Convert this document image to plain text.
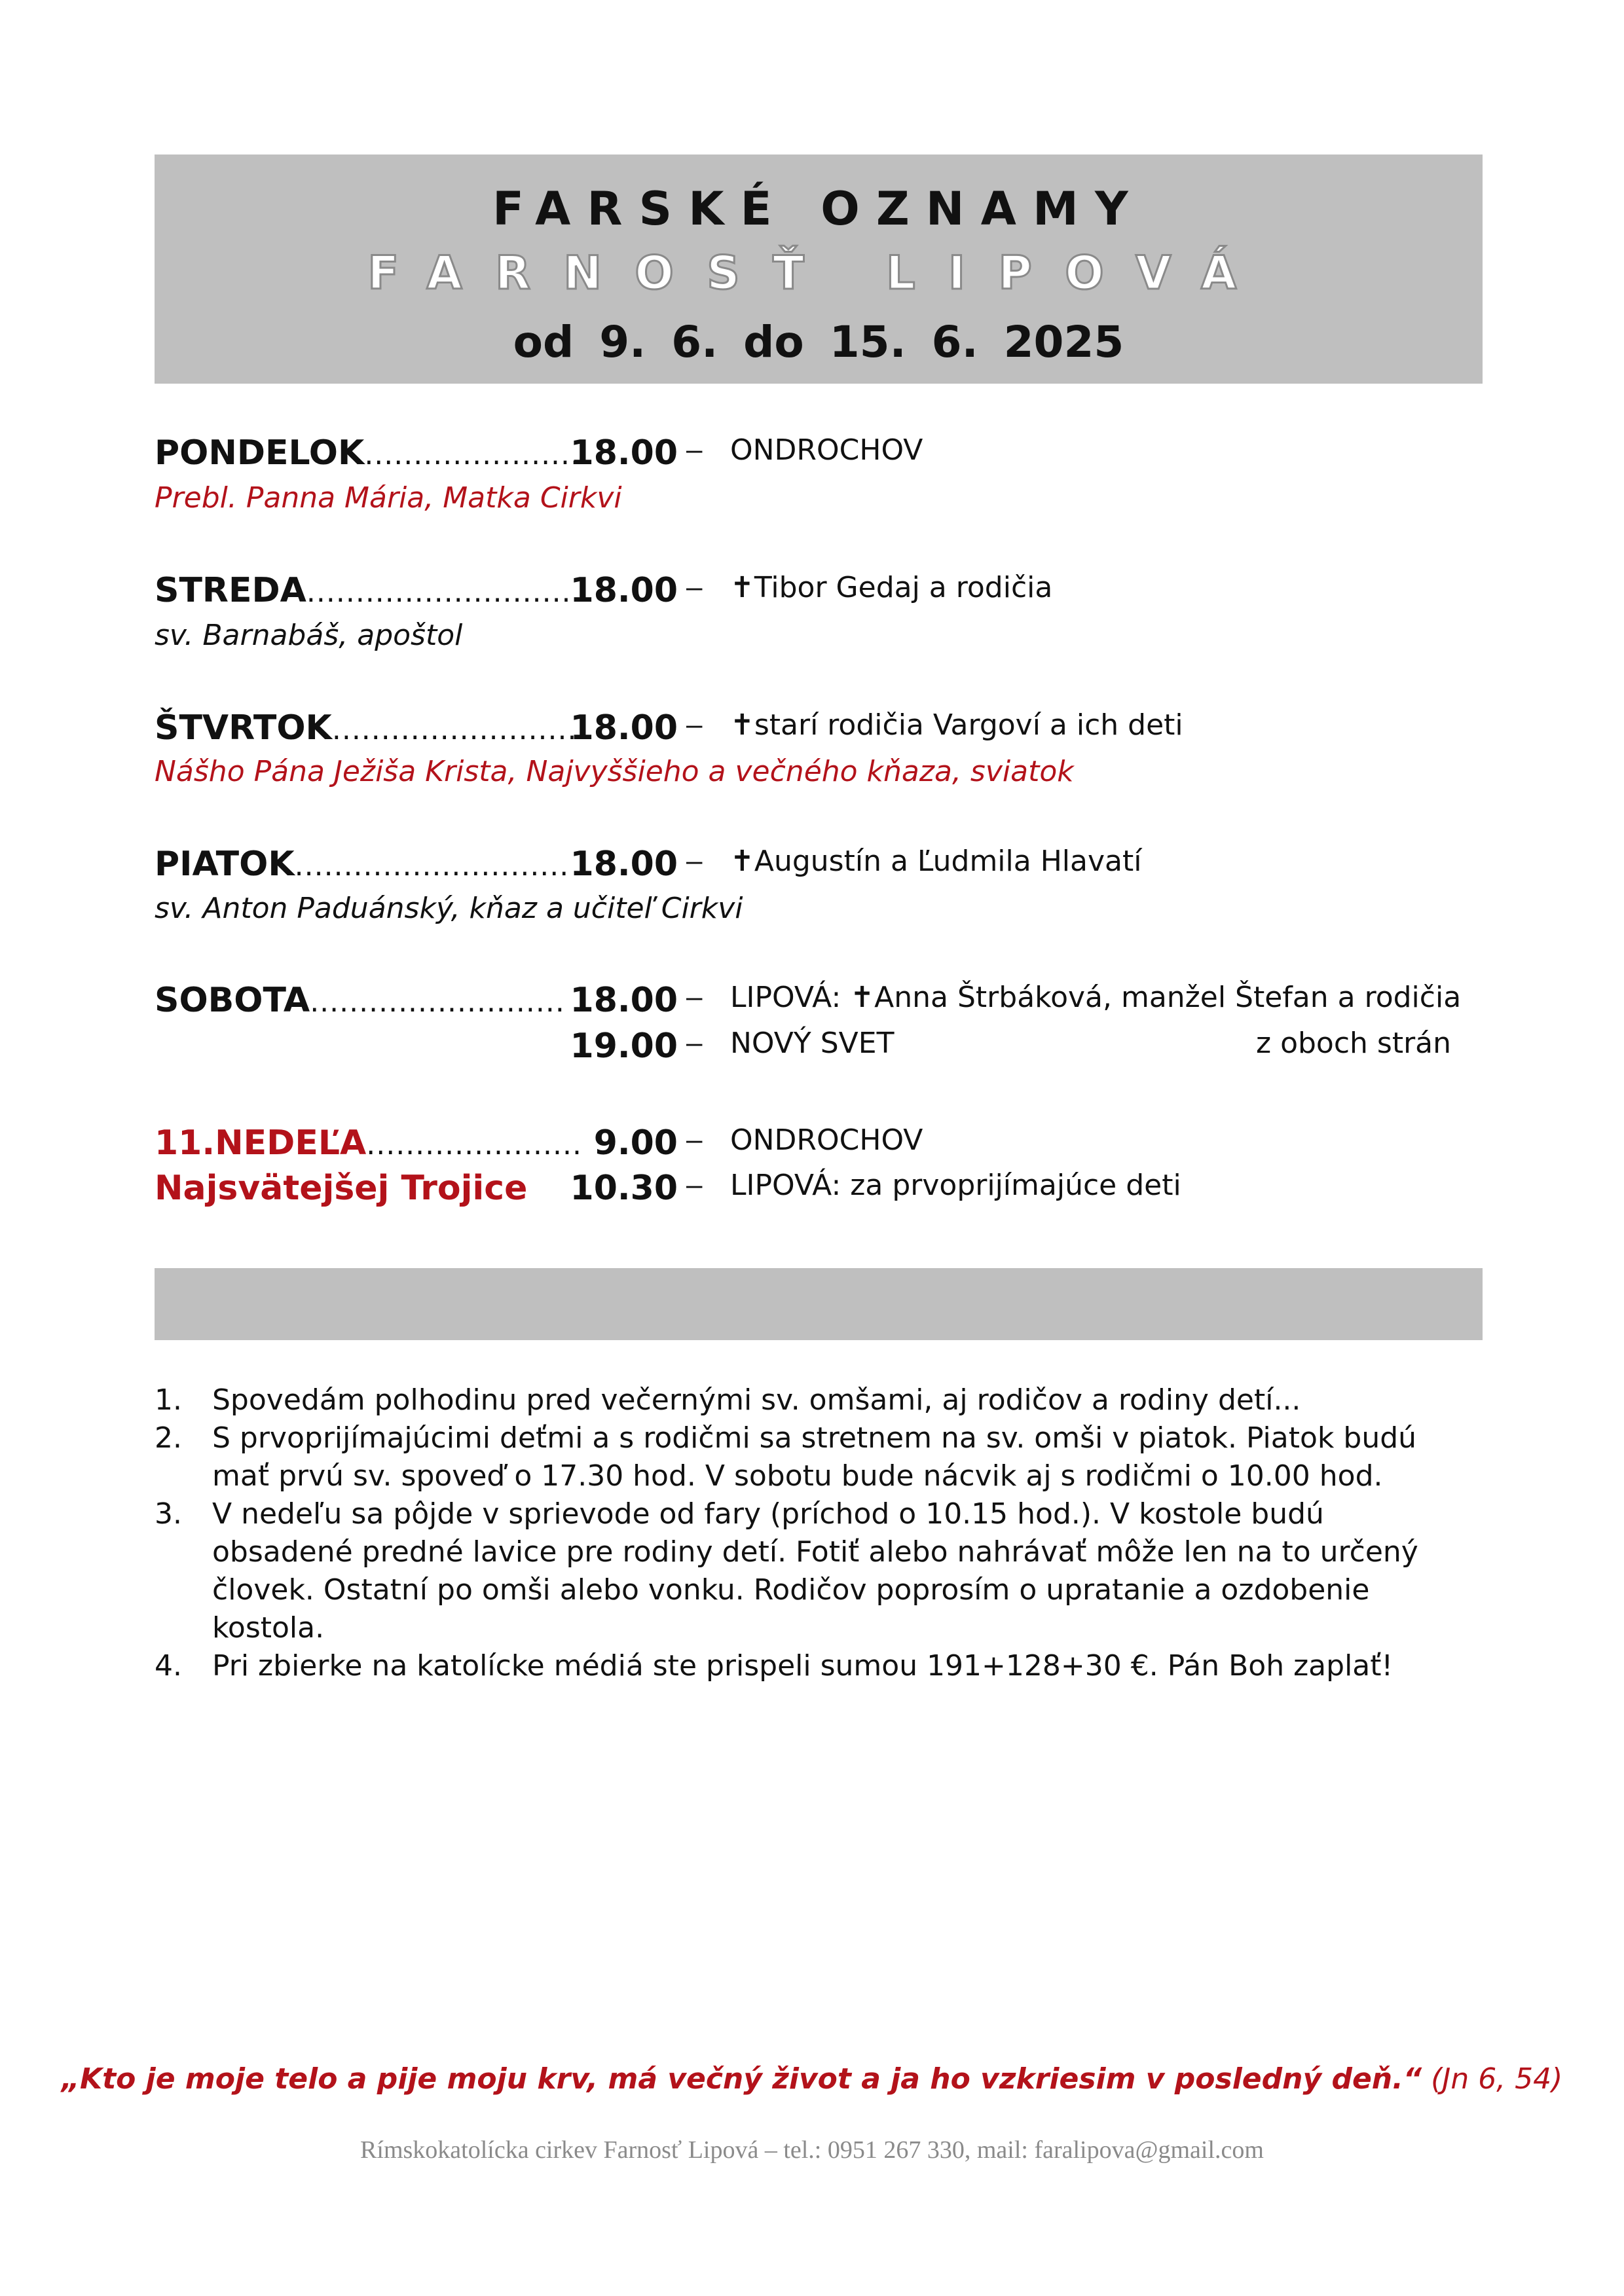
FARSKÉ OZNAMY
FARNOSŤ LIPOVÁ
od 9. 6. do 15. 6. 2025
PONDELOK......................
18.00 – ONDROCHOV
Prebl. Panna Mária, Matka Cirkvi
STREDA...........................
18.00 – ✝Tibor Gedaj a rodičia
sv. Barnabáš, apoštol
ŠTVRTOK.........................
18.00 – ✝starí rodičia Vargoví a ich deti
Nášho Pána Ježiša Krista, Najvyššieho a večného kňaza, sviatok
PIATOK............................ 18.00 – ✝Augustín a Ľudmila Hlavatí
sv. Anton Paduánský, kňaz a učiteľ Cirkvi
SOBOTA.......................... 18.00 – LIPOVÁ: ✝Anna Štrbáková, manžel Štefan a rodičia
19.00 – NOVÝ SVET	z oboch strán
11.NEDEĽA...................... 9.00 – ONDROCHOV
Najsvätejšej Trojice	10.30 – LIPOVÁ: za prvoprijímajúce deti
1. Spovedám polhodinu pred večernými sv. omšami, aj rodičov a rodiny detí...
2. S prvoprijímajúcimi deťmi a s rodičmi sa stretnem na sv. omši v piatok. Piatok budú mať prvú sv. spoveď o 17.30 hod. V sobotu bude nácvik aj s rodičmi o 10.00 hod.
3. V nedeľu sa pôjde v sprievode od fary (príchod o 10.15 hod.). V kostole budú obsadené predné lavice pre rodiny detí. Fotiť alebo nahrávať môže len na to určený človek. Ostatní po omši alebo vonku. Rodičov poprosím o upratanie a ozdobenie kostola.
4. Pri zbierke na katolícke médiá ste prispeli sumou 191+128+30 €. Pán Boh zaplať!
„Kto je moje telo a pije moju krv, má večný život a ja ho vzkriesim v posledný deň.“ (Jn 6, 54)
Rímskokatolícka cirkev Farnosť Lipová – tel.: 0951 267 330, mail: faralipova@gmail.com
